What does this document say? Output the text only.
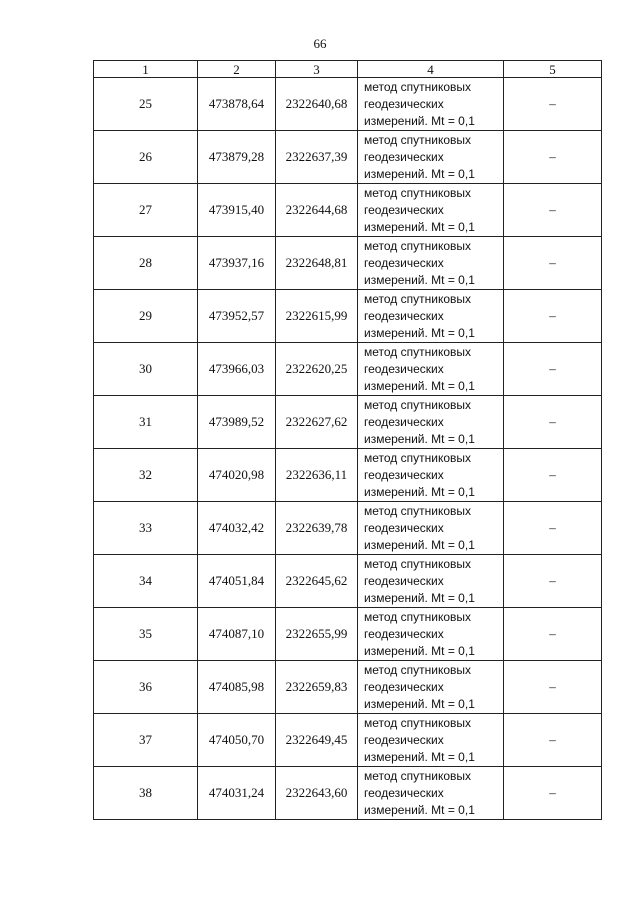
66
1	2	3	4	5
25	473878,64	2322640,68	метод спутниковых
геодезических
измерений. Mt = 0,1	–
26	473879,28	2322637,39	метод спутниковых
геодезических
измерений. Mt = 0,1	–
27	473915,40	2322644,68	метод спутниковых
геодезических
измерений. Mt = 0,1	–
28	473937,16	2322648,81	метод спутниковых
геодезических
измерений. Mt = 0,1	–
29	473952,57	2322615,99	метод спутниковых
геодезических
измерений. Mt = 0,1	–
30	473966,03	2322620,25	метод спутниковых
геодезических
измерений. Mt = 0,1	–
31	473989,52	2322627,62	метод спутниковых
геодезических
измерений. Mt = 0,1	–
32	474020,98	2322636,11	метод спутниковых
геодезических
измерений. Mt = 0,1	–
33	474032,42	2322639,78	метод спутниковых
геодезических
измерений. Mt = 0,1	–
34	474051,84	2322645,62	метод спутниковых
геодезических
измерений. Mt = 0,1	–
35	474087,10	2322655,99	метод спутниковых
геодезических
измерений. Mt = 0,1	–
36	474085,98	2322659,83	метод спутниковых
геодезических
измерений. Mt = 0,1	–
37	474050,70	2322649,45	метод спутниковых
геодезических
измерений. Mt = 0,1	–
38	474031,24	2322643,60	метод спутниковых
геодезических
измерений. Mt = 0,1	–
